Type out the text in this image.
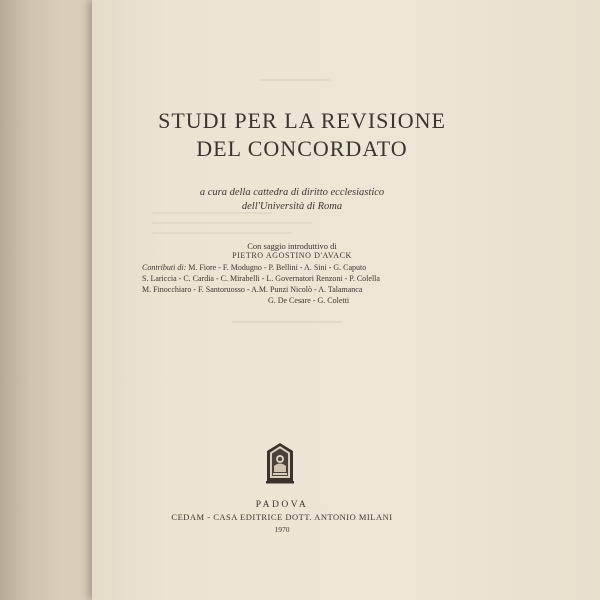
STUDI PER LA REVISIONE
DEL CONCORDATO
a cura della cattedra di diritto ecclesiastico
dell'Università di Roma
Con saggio introduttivo di
PIETRO AGOSTINO D'AVACK
Contributi di: M. Fiore - F. Modugno - P. Bellini - A. Sini - G. Caputo
S. Lariccia - C. Cardia - C. Mirabelli - L. Governatori Renzoni - P. Colella
M. Finocchiaro - F. Santoruosso - A.M. Punzi Nicolò - A. Talamanca
G. De Cesare - G. Coletti
PADOVA
CEDAM - CASA EDITRICE DOTT. ANTONIO MILANI
1970
